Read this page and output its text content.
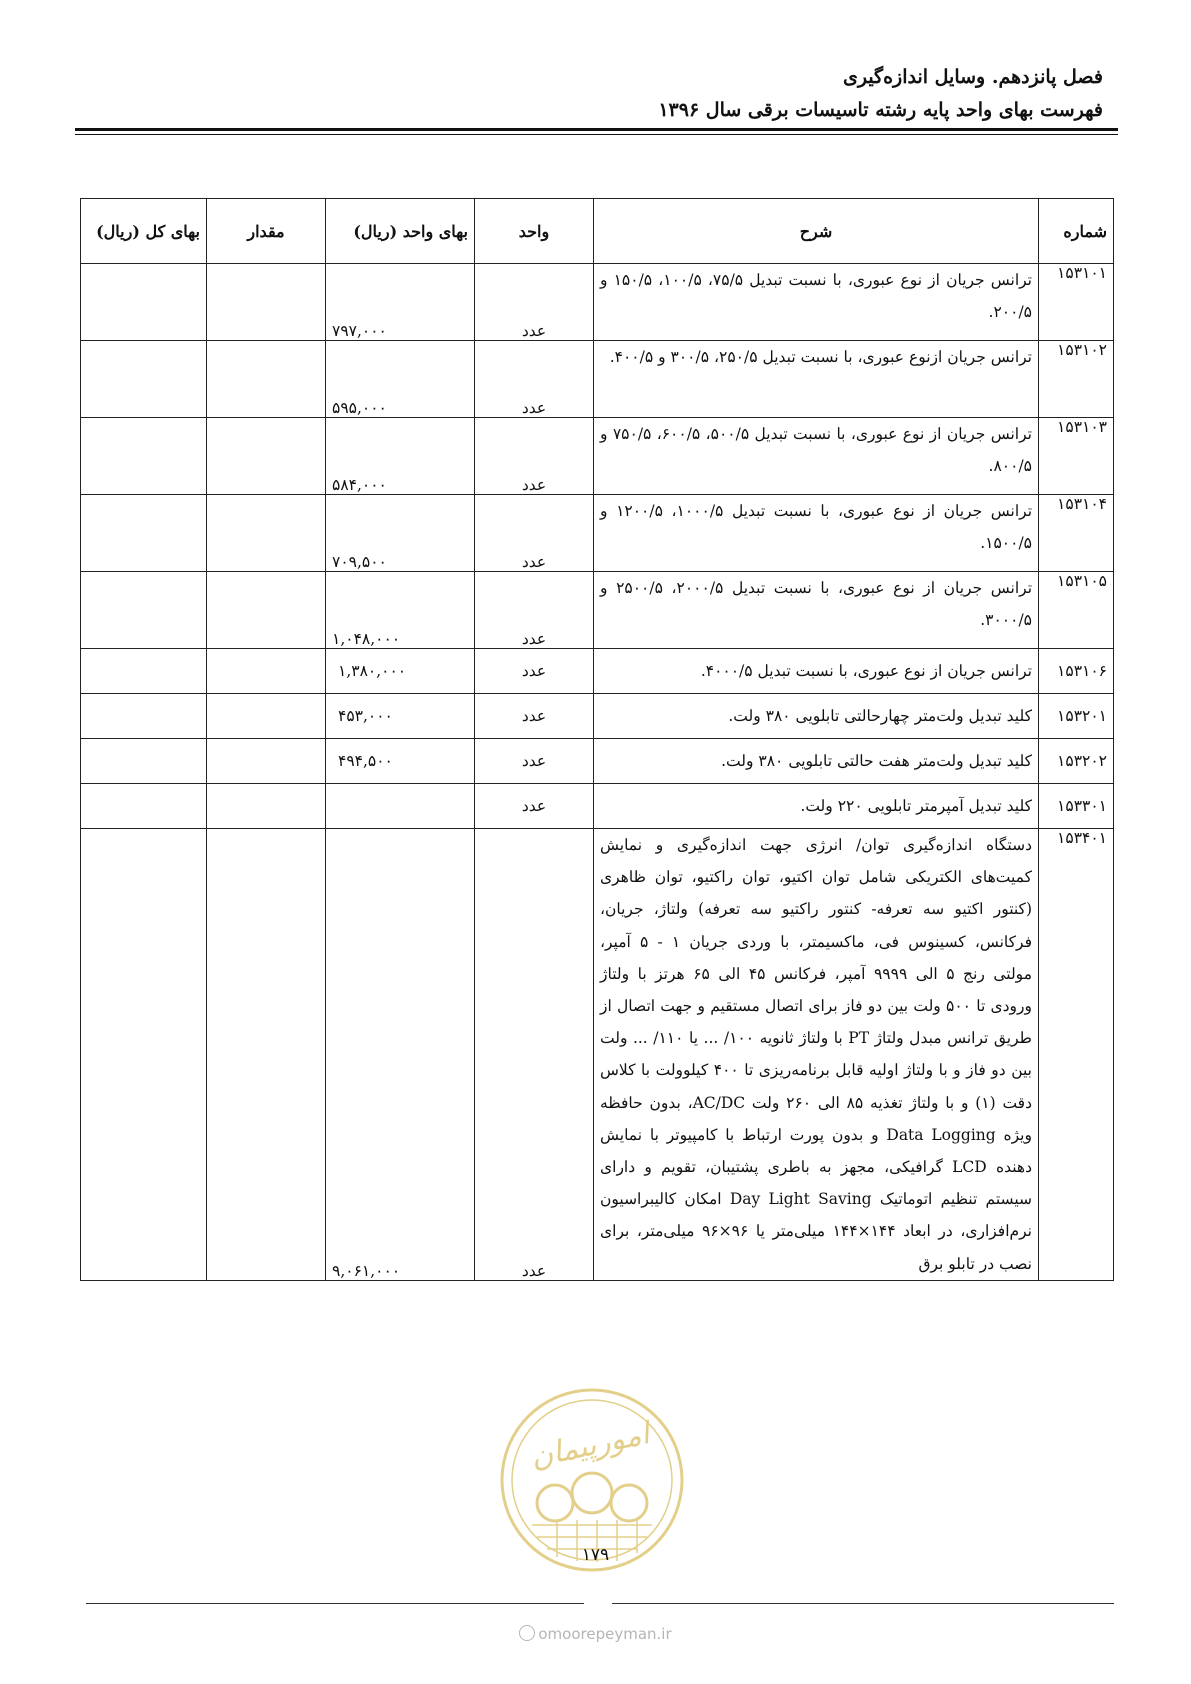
فصل پانزدهم. وسایل اندازه‌گیری
فهرست بهای واحد پایه رشته تاسیسات برقی سال ۱۳۹۶
شماره	شرح	واحد	بهای واحد (ریال)	مقدار	بهای کل (ریال)
۱۵۳۱۰۱	ترانس جریان از نوع عبوری، با نسبت تبدیل ۷۵/۵، ۱۰۰/۵، ۱۵۰/۵ و ۲۰۰/۵.	عدد	۷۹۷,۰۰۰		
۱۵۳۱۰۲	ترانس جریان ازنوع عبوری، با نسبت تبدیل ۲۵۰/۵، ۳۰۰/۵ و ۴۰۰/۵.	عدد	۵۹۵,۰۰۰		
۱۵۳۱۰۳	ترانس جریان از نوع عبوری، با نسبت تبدیل ۵۰۰/۵، ۶۰۰/۵، ۷۵۰/۵ و ۸۰۰/۵.	عدد	۵۸۴,۰۰۰		
۱۵۳۱۰۴	ترانس جریان از نوع عبوری، با نسبت تبدیل ۱۰۰۰/۵، ۱۲۰۰/۵ و ۱۵۰۰/۵.	عدد	۷۰۹,۵۰۰		
۱۵۳۱۰۵	ترانس جریان از نوع عبوری، با نسبت تبدیل ۲۰۰۰/۵، ۲۵۰۰/۵ و ۳۰۰۰/۵.	عدد	۱,۰۴۸,۰۰۰		
۱۵۳۱۰۶	ترانس جریان از نوع عبوری، با نسبت تبدیل ۴۰۰۰/۵.	عدد	۱,۳۸۰,۰۰۰		
۱۵۳۲۰۱	کلید تبدیل ولت‌متر چهارحالتی تابلویی ۳۸۰ ولت.	عدد	۴۵۳,۰۰۰		
۱۵۳۲۰۲	کلید تبدیل ولت‌متر هفت حالتی تابلویی ۳۸۰ ولت.	عدد	۴۹۴,۵۰۰		
۱۵۳۳۰۱	کلید تبدیل آمپرمتر تابلویی ۲۲۰ ولت.	عدد			
۱۵۳۴۰۱	دستگاه اندازه‌گیری توان/ انرژی جهت اندازه‌گیری و نمایش کمیت‌های الکتریکی شامل توان اکتیو، توان راکتیو، توان ظاهری (کنتور اکتیو سه تعرفه- کنتور راکتیو سه تعرفه) ولتاژ، جریان، فرکانس، کسینوس فی، ماکسیمتر، با وردی جریان ۱ - ۵ آمپر، مولتی رنج ۵ الی ۹۹۹۹ آمپر، فرکانس ۴۵ الی ۶۵ هرتز با ولتاژ ورودی تا ۵۰۰ ولت بین دو فاز برای اتصال مستقیم و جهت اتصال از طریق ترانس مبدل ولتاژ PT با ولتاژ ثانویه ۱۰۰/ ... یا ۱۱۰/ ... ولت بین دو فاز و با ولتاژ اولیه قابل برنامه‌ریزی تا ۴۰۰ کیلوولت با کلاس دقت (۱) و با ولتاژ تغذیه ۸۵ الی ۲۶۰ ولت AC/DC، بدون حافظه ویژه Data Logging و بدون پورت ارتباط با کامپیوتر با نمایش دهنده LCD گرافیکی، مجهز به باطری پشتیبان، تقویم و دارای سیستم تنظیم اتوماتیک Day Light Saving امکان کالیبراسیون نرم‌افزاری، در ابعاد ۱۴۴×۱۴۴ میلی‌متر یا ۹۶×۹۶ میلی‌متر، برای نصب در تابلو برق	عدد	۹,۰۶۱,۰۰۰		
امورپیمان
۱۷۹
omoorepeyman.ir
